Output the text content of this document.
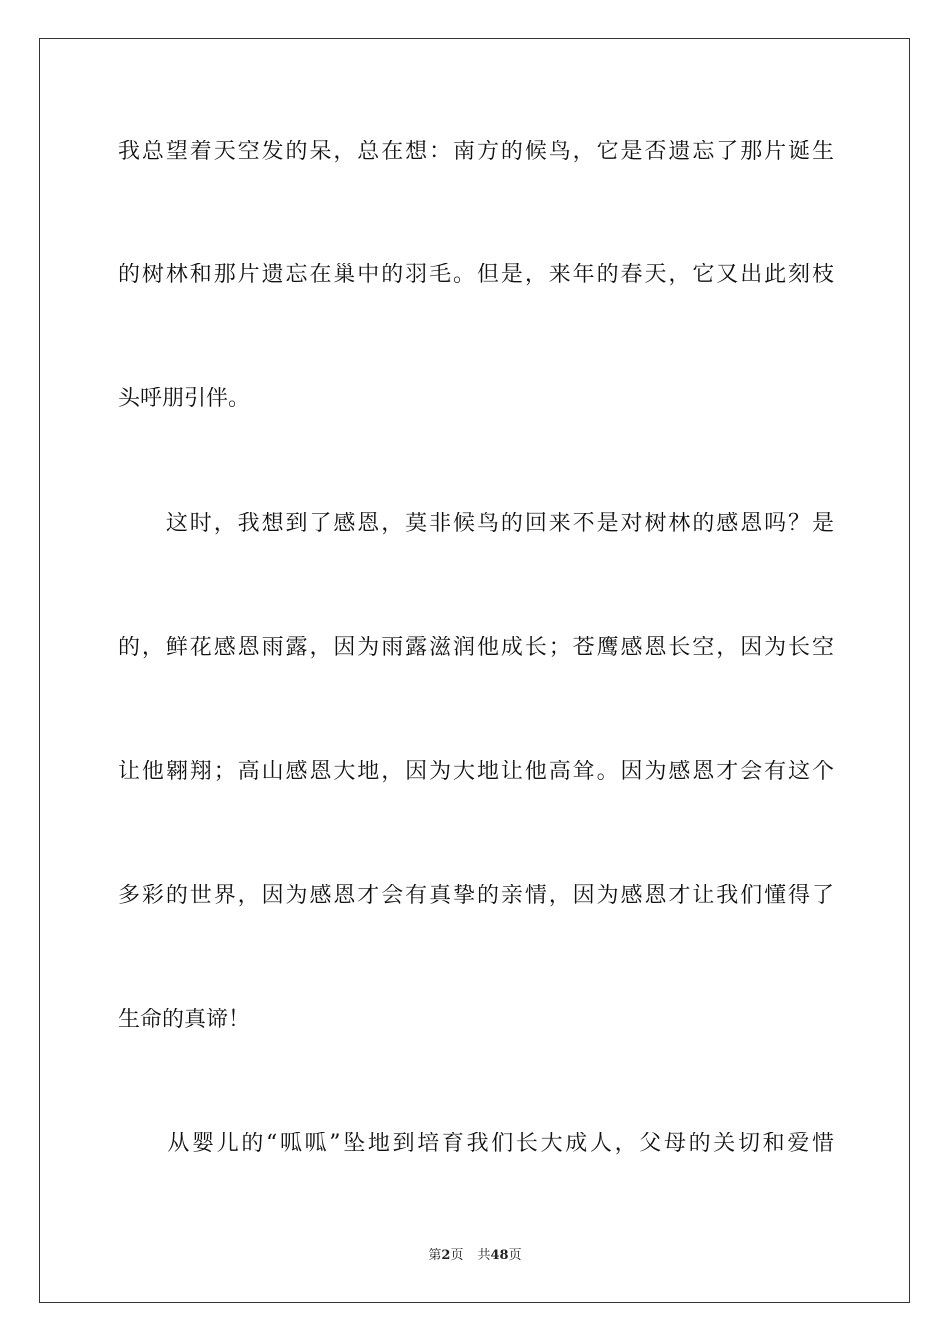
我总望着天空发的呆，总在想：南方的候鸟，它是否遗忘了那片诞生
的树林和那片遗忘在巢中的羽毛。但是，来年的春天，它又出此刻枝
头呼朋引伴。
　　这时，我想到了感恩，莫非候鸟的回来不是对树林的感恩吗？是
的，鲜花感恩雨露，因为雨露滋润他成长；苍鹰感恩长空，因为长空
让他翱翔；高山感恩大地，因为大地让他高耸。因为感恩才会有这个
多彩的世界，因为感恩才会有真挚的亲情，因为感恩才让我们懂得了
生命的真谛！
　　从婴儿的“呱呱”坠地到培育我们长大成人，父母的关切和爱惜
第2页 共48页
